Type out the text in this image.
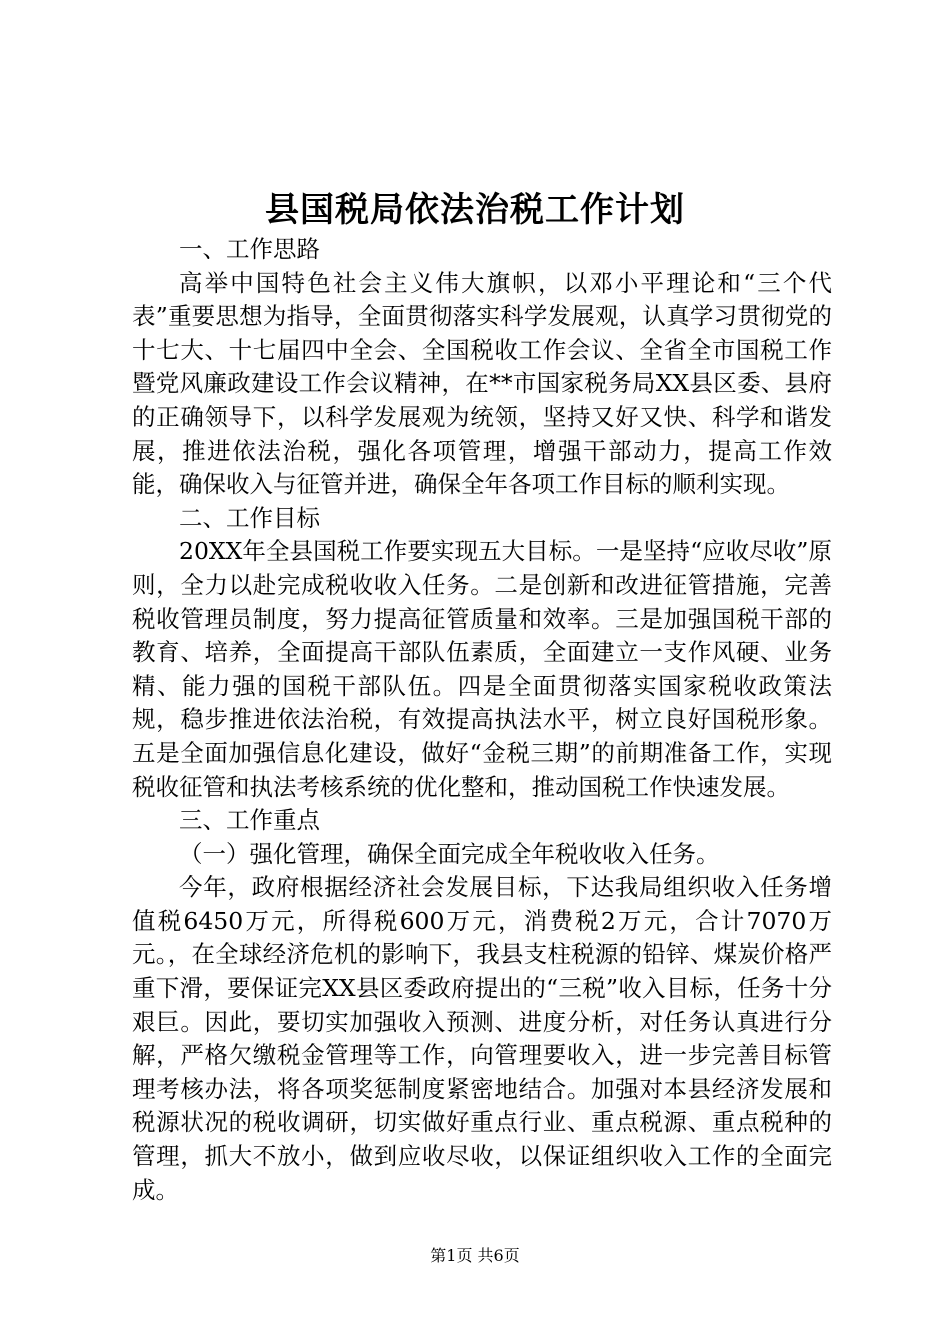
县国税局依法治税工作计划

一、工作思路

高举中国特色社会主义伟大旗帜，以邓小平理论和“三个代表”重要思想为指导，全面贯彻落实科学发展观，认真学习贯彻党的十七大、十七届四中全会、全国税收工作会议、全省全市国税工作暨党风廉政建设工作会议精神，在**市国家税务局XX县区委、县府的正确领导下，以科学发展观为统领，坚持又好又快、科学和谐发展，推进依法治税，强化各项管理，增强干部动力，提高工作效能，确保收入与征管并进，确保全年各项工作目标的顺利实现。

二、工作目标

20XX年全县国税工作要实现五大目标。一是坚持“应收尽收”原则，全力以赴完成税收收入任务。二是创新和改进征管措施，完善税收管理员制度，努力提高征管质量和效率。三是加强国税干部的教育、培养，全面提高干部队伍素质，全面建立一支作风硬、业务精、能力强的国税干部队伍。四是全面贯彻落实国家税收政策法规，稳步推进依法治税，有效提高执法水平，树立良好国税形象。五是全面加强信息化建设，做好“金税三期”的前期准备工作，实现税收征管和执法考核系统的优化整和，推动国税工作快速发展。

三、工作重点

（一）强化管理，确保全面完成全年税收收入任务。

今年，政府根据经济社会发展目标，下达我局组织收入任务增值税6450万元，所得税600万元，消费税2万元，合计7070万元。，在全球经济危机的影响下，我县支柱税源的铅锌、煤炭价格严重下滑，要保证完XX县区委政府提出的“三税”收入目标，任务十分艰巨。因此，要切实加强收入预测、进度分析，对任务认真进行分解，严格欠缴税金管理等工作，向管理要收入，进一步完善目标管理考核办法，将各项奖惩制度紧密地结合。加强对本县经济发展和税源状况的税收调研，切实做好重点行业、重点税源、重点税种的管理，抓大不放小，做到应收尽收，以保证组织收入工作的全面完成。

第1页 共6页
